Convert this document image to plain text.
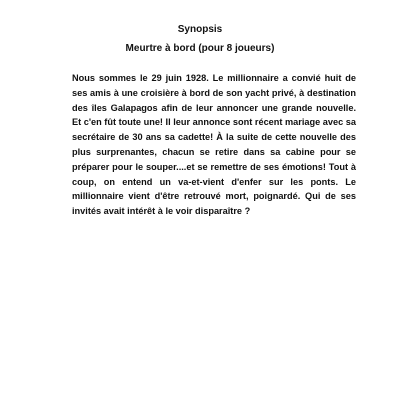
Synopsis
Meurtre à bord (pour 8 joueurs)

Nous sommes le 29 juin 1928. Le millionnaire a convié huit de ses amis à une croisière à bord de son yacht privé, à destination des îles Galapagos afin de leur annoncer une grande nouvelle. Et c'en fût toute une! Il leur annonce sont récent mariage avec sa secrétaire de 30 ans sa cadette! À la suite de cette nouvelle des plus surprenantes, chacun se retire dans sa cabine pour se préparer pour le souper....et se remettre de ses émotions! Tout à coup, on entend un va-et-vient d'enfer sur les ponts. Le millionnaire vient d'être retrouvé mort, poignardé. Qui de ses invités avait intérêt à le voir disparaître ?
